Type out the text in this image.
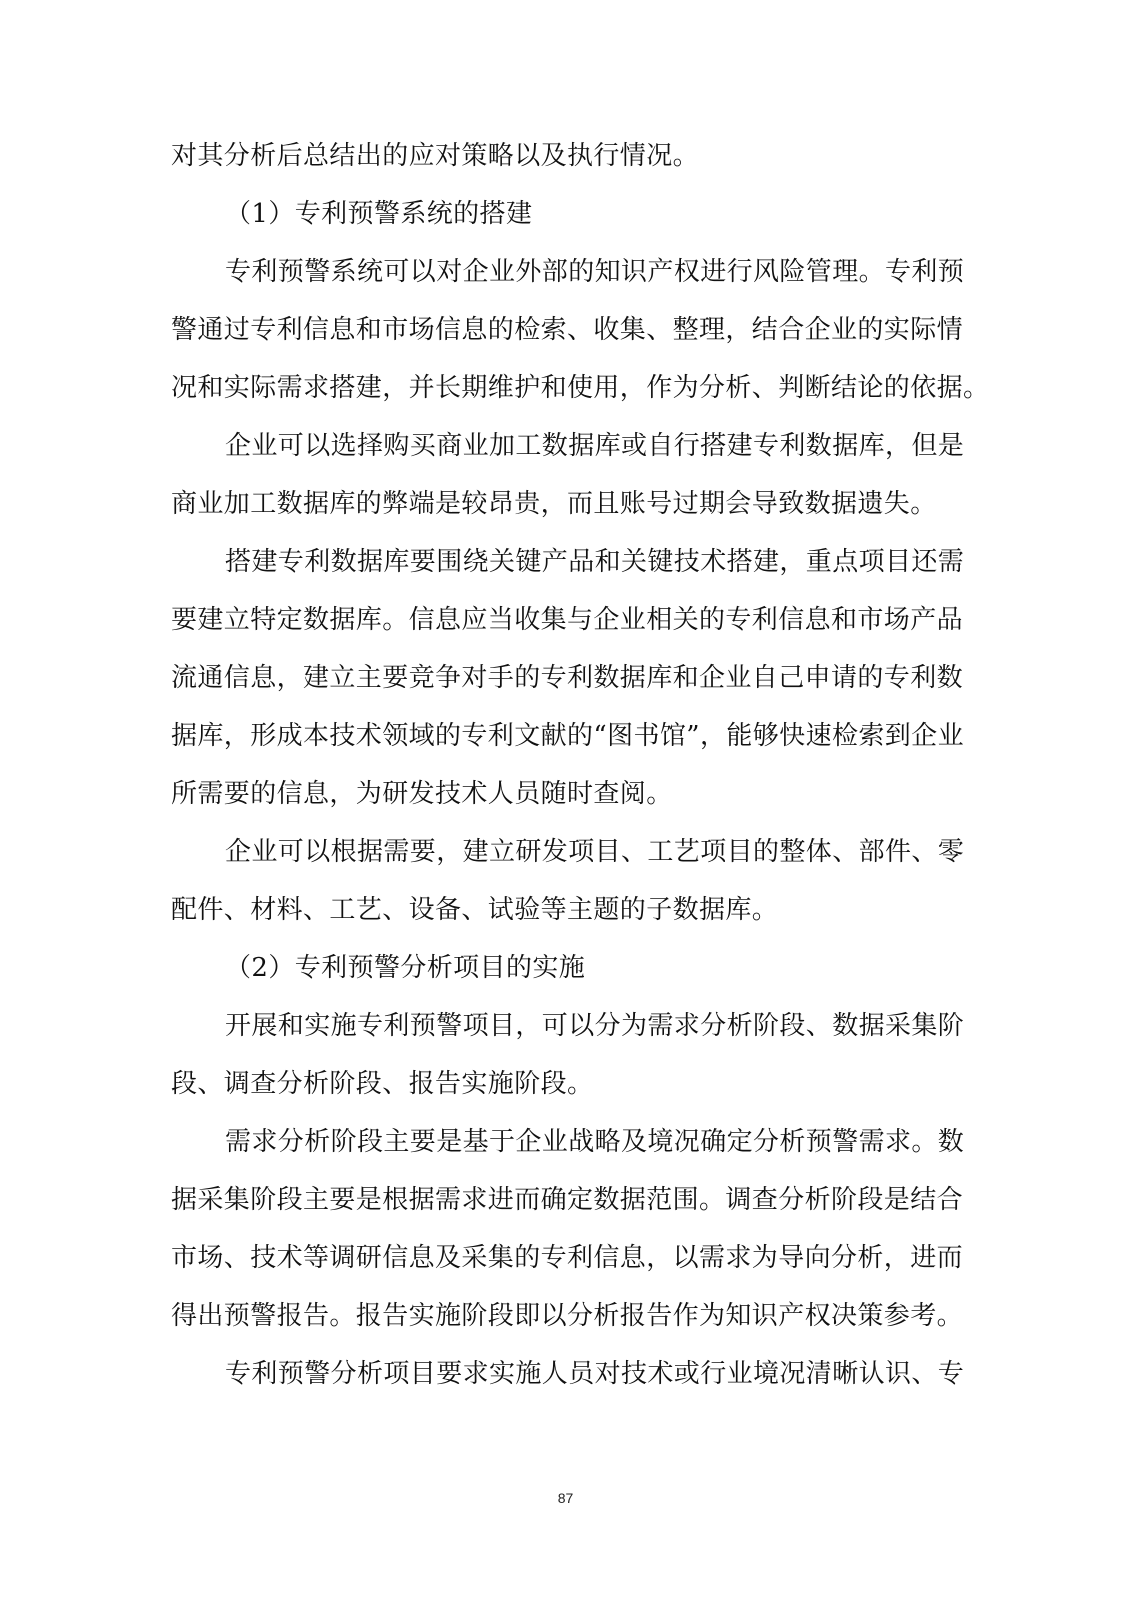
对其分析后总结出的应对策略以及执行情况。
（1）专利预警系统的搭建
专利预警系统可以对企业外部的知识产权进行风险管理。专利预
警通过专利信息和市场信息的检索、收集、整理，结合企业的实际情
况和实际需求搭建，并长期维护和使用，作为分析、判断结论的依据。
企业可以选择购买商业加工数据库或自行搭建专利数据库，但是
商业加工数据库的弊端是较昂贵，而且账号过期会导致数据遗失。
搭建专利数据库要围绕关键产品和关键技术搭建，重点项目还需
要建立特定数据库。信息应当收集与企业相关的专利信息和市场产品
流通信息，建立主要竞争对手的专利数据库和企业自己申请的专利数
据库，形成本技术领域的专利文献的“图书馆”，能够快速检索到企业
所需要的信息，为研发技术人员随时查阅。
企业可以根据需要，建立研发项目、工艺项目的整体、部件、零
配件、材料、工艺、设备、试验等主题的子数据库。
（2）专利预警分析项目的实施
开展和实施专利预警项目，可以分为需求分析阶段、数据采集阶
段、调查分析阶段、报告实施阶段。
需求分析阶段主要是基于企业战略及境况确定分析预警需求。数
据采集阶段主要是根据需求进而确定数据范围。调查分析阶段是结合
市场、技术等调研信息及采集的专利信息，以需求为导向分析，进而
得出预警报告。报告实施阶段即以分析报告作为知识产权决策参考。
专利预警分析项目要求实施人员对技术或行业境况清晰认识、专
87
